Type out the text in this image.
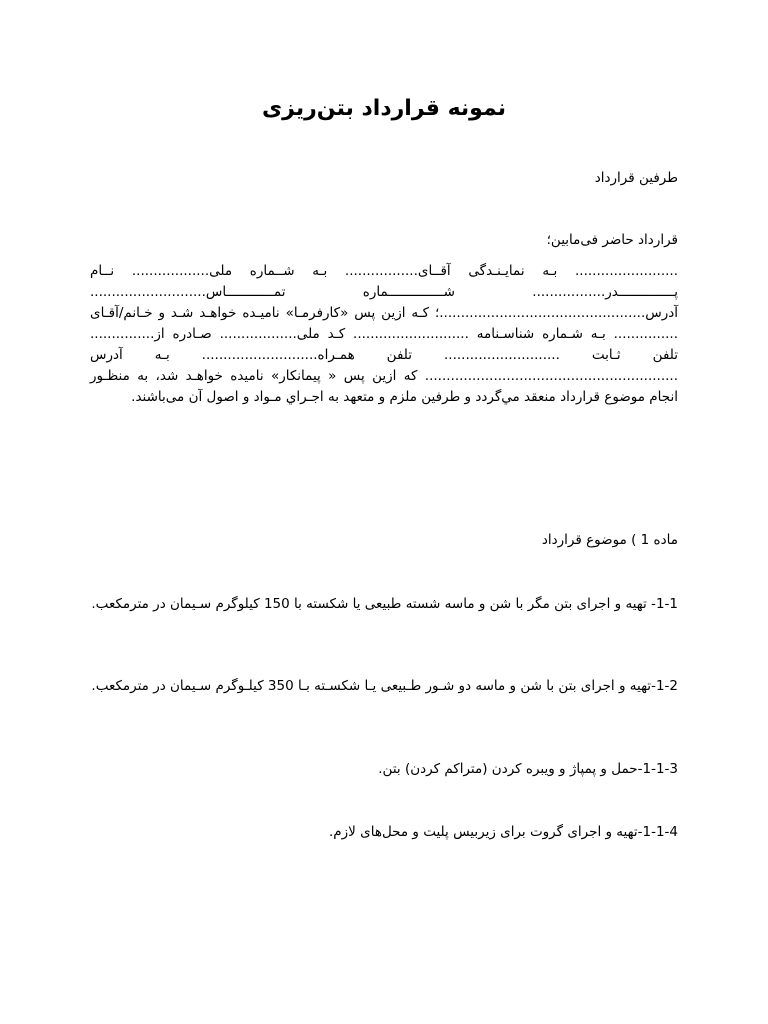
نمونه قرارداد بتن‌ریزی

طرفین قرارداد

قرارداد حاضر فی‌مابین؛

........................ بـه نمایـنـدگی آقــای................. بـه شــماره ملی.................. نــام پــــــــــــــدر................. شــــــــــــــماره تمــــــــــــاس........................... آدرس................................................؛ کـه ازین پس «کارفرمـا» نامیـده خواهـد شـد و خـانم/آقـای ............... بـه شـماره شناسـنامه ........................... کـد ملی.................. صـادره از............... تلفن ثـابت ........................... تلفن همـراه........................... بـه آدرس ........................................................... که ازین پس « پیمانکار» نامیده خواهـد شد، به منظـور انجام موضوع قرارداد منعقد مي‌گردد و طرفین ملزم و متعهد به اجـراي مـواد و اصول آن می‌باشند.

ماده 1 ) موضوع قرارداد

1-1- تهیه و اجرای بتن مگر با شن و ماسه شسته طبیعی یا شکسته با 150 کیلوگرم سـیمان در مترمکعب.

1-2-تهیه و اجرای بتن با شن و ماسه دو شـور طـبیعی یـا شکسـته بـا 350 کیلـوگرم سـیمان در مترمکعب.

1-1-3-حمل و پمپاژ و ویبره کردن (متراکم کردن) بتن.

1-1-4-تهیه و اجرای گروت برای زیربیس پلیت و محل‌های لازم.
